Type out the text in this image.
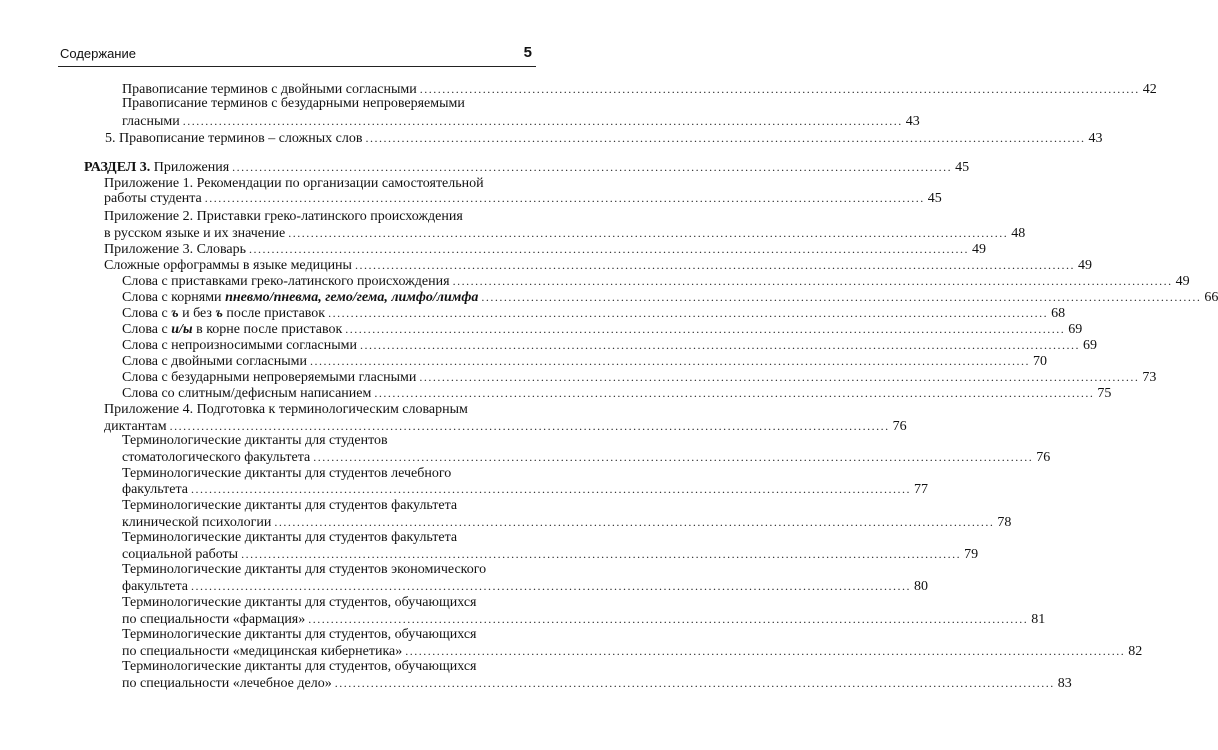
Содержание	5
Правописание терминов с двойными согласными ................................................................................................................................................................ 42
Правописание терминов с безударными непроверяемыми
гласными ................................................................................................................................................................ 43
5. Правописание терминов – сложных слов ................................................................................................................................................................ 43
РАЗДЕЛ 3. Приложения ................................................................................................................................................................ 45
Приложение 1. Рекомендации по организации самостоятельной
работы студента ................................................................................................................................................................ 45
Приложение 2. Приставки греко-латинского происхождения
в русском языке и их значение ................................................................................................................................................................ 48
Приложение 3. Словарь ................................................................................................................................................................ 49
Сложные орфограммы в языке медицины ................................................................................................................................................................ 49
Слова с приставками греко-латинского происхождения ................................................................................................................................................................ 49
Слова с корнями пневмо/пневма, гемо/гема, лимфо/лимфа ................................................................................................................................................................ 66
Слова с ъ и без ъ после приставок ................................................................................................................................................................ 68
Слова с и/ы в корне после приставок ................................................................................................................................................................ 69
Слова с непроизносимыми согласными ................................................................................................................................................................ 69
Слова с двойными согласными ................................................................................................................................................................ 70
Слова с безударными непроверяемыми гласными ................................................................................................................................................................ 73
Слова со слитным/дефисным написанием ................................................................................................................................................................ 75
Приложение 4. Подготовка к терминологическим словарным
диктантам ................................................................................................................................................................ 76
Терминологические диктанты для студентов
стоматологического факультета ................................................................................................................................................................ 76
Терминологические диктанты для студентов лечебного
факультета ................................................................................................................................................................ 77
Терминологические диктанты для студентов факультета
клинической психологии ................................................................................................................................................................ 78
Терминологические диктанты для студентов факультета
социальной работы ................................................................................................................................................................ 79
Терминологические диктанты для студентов экономического
факультета ................................................................................................................................................................ 80
Терминологические диктанты для студентов, обучающихся
по специальности «фармация» ................................................................................................................................................................ 81
Терминологические диктанты для студентов, обучающихся
по специальности «медицинская кибернетика» ................................................................................................................................................................ 82
Терминологические диктанты для студентов, обучающихся
по специальности «лечебное дело» ................................................................................................................................................................ 83
